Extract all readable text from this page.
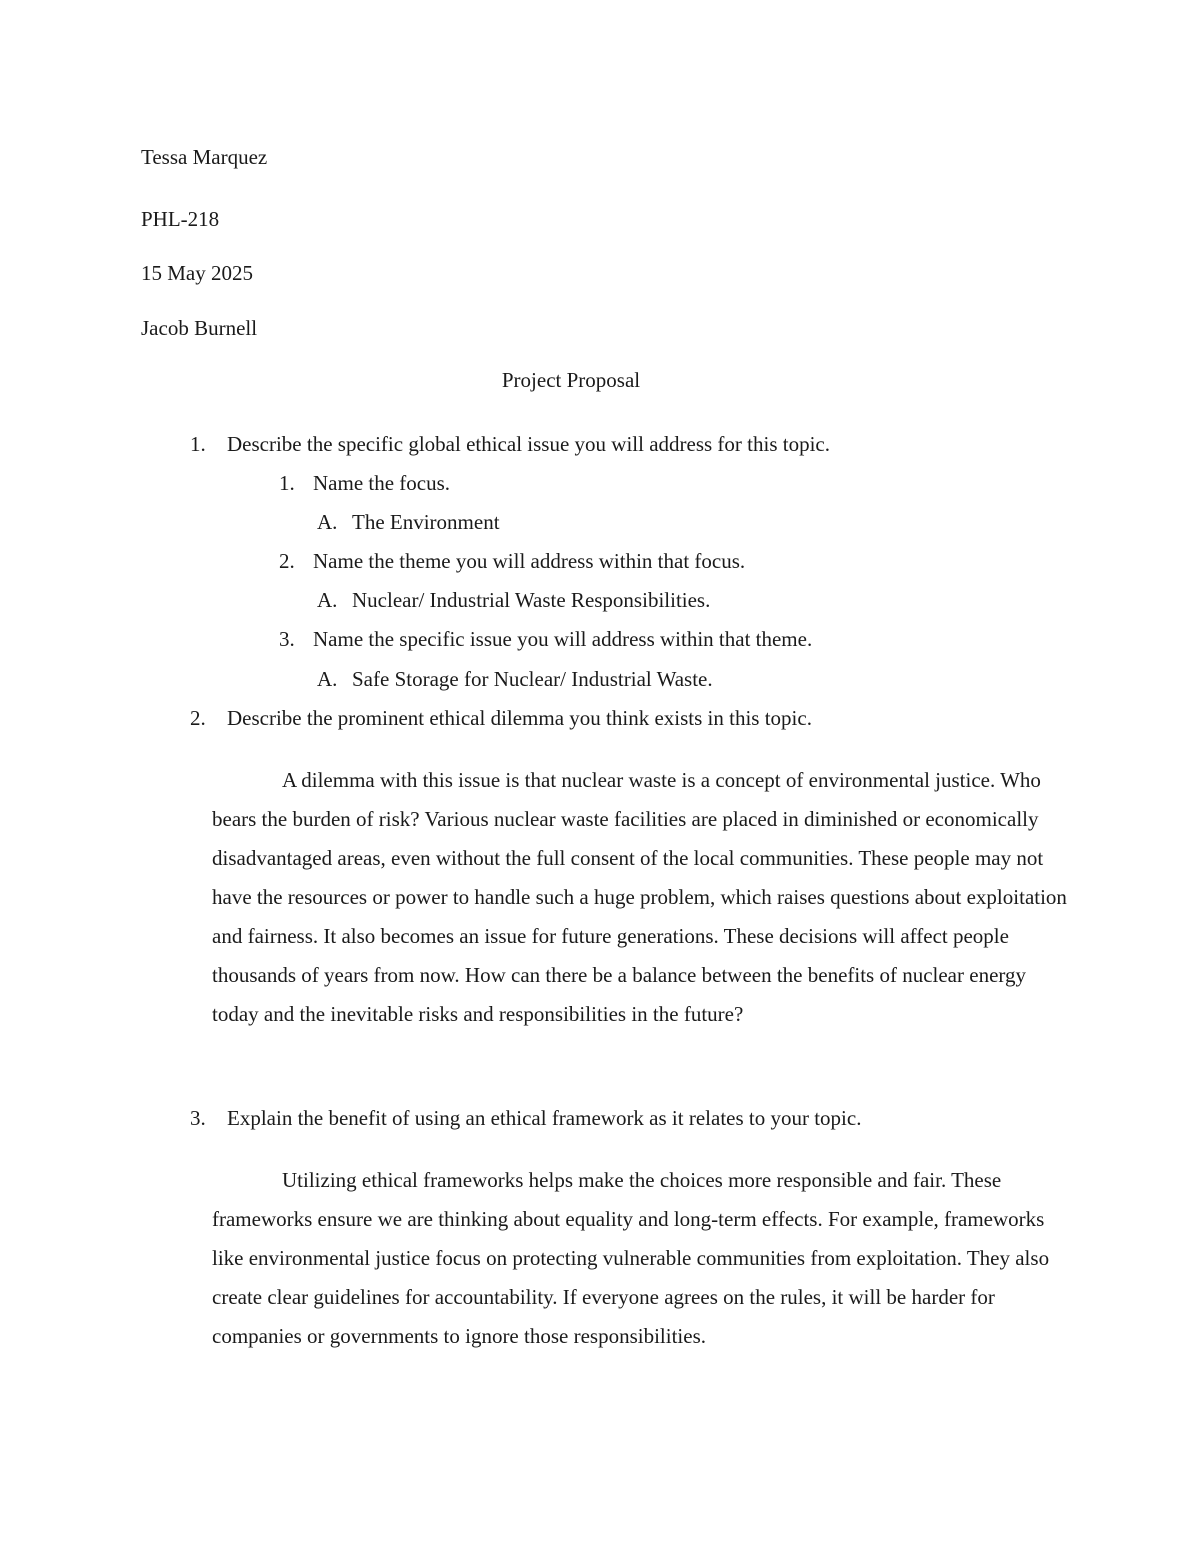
Tessa Marquez
PHL-218
15 May 2025
Jacob Burnell
Project Proposal
1. Describe the specific global ethical issue you will address for this topic.
1. Name the focus.
A. The Environment
2. Name the theme you will address within that focus.
A. Nuclear/ Industrial Waste Responsibilities.
3. Name the specific issue you will address within that theme.
A. Safe Storage for Nuclear/ Industrial Waste.
2. Describe the prominent ethical dilemma you think exists in this topic.

A dilemma with this issue is that nuclear waste is a concept of environmental justice. Who bears the burden of risk? Various nuclear waste facilities are placed in diminished or economically disadvantaged areas, even without the full consent of the local communities. These people may not have the resources or power to handle such a huge problem, which raises questions about exploitation and fairness. It also becomes an issue for future generations. These decisions will affect people thousands of years from now. How can there be a balance between the benefits of nuclear energy today and the inevitable risks and responsibilities in the future?

3. Explain the benefit of using an ethical framework as it relates to your topic.

Utilizing ethical frameworks helps make the choices more responsible and fair. These frameworks ensure we are thinking about equality and long-term effects. For example, frameworks like environmental justice focus on protecting vulnerable communities from exploitation. They also create clear guidelines for accountability. If everyone agrees on the rules, it will be harder for companies or governments to ignore those responsibilities.
